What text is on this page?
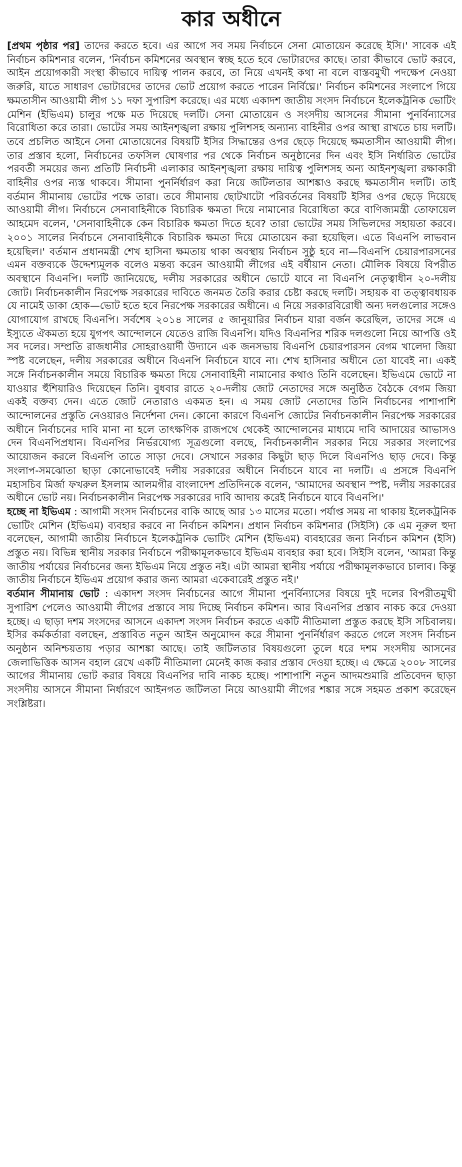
কার অধীনে

[প্রথম পৃষ্ঠার পর] তাদের করতে হবে। এর আগে সব সময় নির্বাচনে সেনা মোতায়েন করেছে ইসি।' সাবেক এই নির্বাচন কমিশনার বলেন, 'নির্বাচন কমিশনের অবস্থান স্বচ্ছ হতে হবে ভোটারদের কাছে। তারা কীভাবে ভোট করবে, আইন প্রয়োগকারী সংস্থা কীভাবে দায়িত্ব পালন করবে, তা নিয়ে এখনই কথা না বলে বাস্তবমুখী পদক্ষেপ নেওয়া জরুরি, যাতে সাধারণ ভোটারদের তাদের ভোট প্রয়োগ করতে পারেন নির্বিঘ্নে।' নির্বাচন কমিশনের সংলাপে গিয়ে ক্ষমতাসীন আওয়ামী লীগ ১১ দফা সুপারিশ করেছে। এর মধ্যে একাদশ জাতীয় সংসদ নির্বাচনে ইলেকট্রনিক ভোটিং মেশিন (ইভিএম) চালুর পক্ষে মত দিয়েছে দলটি। সেনা মোতায়েন ও সংসদীয় আসনের সীমানা পুনর্বিন্যাসের বিরোধিতা করে তারা। ভোটের সময় আইনশৃঙ্খলা রক্ষায় পুলিশসহ অন্যান্য বাহিনীর ওপর আস্থা রাখতে চায় দলটি। তবে প্রচলিত আইনে সেনা মোতায়েনের বিষয়টি ইসির সিদ্ধান্তের ওপর ছেড়ে দিয়েছে ক্ষমতাসীন আওয়ামী লীগ। তার প্রস্তাব হলো, নির্বাচনের তফসিল ঘোষণার পর থেকে নির্বাচন অনুষ্ঠানের দিন এবং ইসি নির্ধারিত ভোটের পরবর্তী সময়ের জন্য প্রতিটি নির্বাচনী এলাকার আইনশৃঙ্খলা রক্ষায় দায়িত্ব পুলিশসহ অন্য আইনশৃঙ্খলা রক্ষাকারী বাহিনীর ওপর ন্যস্ত থাকবে। সীমানা পুনর্নির্ধারণ করা নিয়ে জটিলতার আশঙ্কাও করছে ক্ষমতাসীন দলটি। তাই বর্তমান সীমানায় ভোটের পক্ষে তারা। তবে সীমানায় ছোটখাটো পরিবর্তনের বিষয়টি ইসির ওপর ছেড়ে দিয়েছে আওয়ামী লীগ। নির্বাচনে সেনাবাহিনীকে বিচারিক ক্ষমতা দিয়ে নামানোর বিরোধিতা করে বাণিজ্যমন্ত্রী তোফায়েল আহমেদ বলেন, 'সেনাবাহিনীকে কেন বিচারিক ক্ষমতা দিতে হবে? তারা ভোটের সময় সিভিলদের সহায়তা করবে। ২০০১ সালের নির্বাচনে সেনাবাহিনীকে বিচারিক ক্ষমতা দিয়ে মোতায়েন করা হয়েছিল। এতে বিএনপি লাভবান হয়েছিল।' বর্তমান প্রধানমন্ত্রী শেখ হাসিনা ক্ষমতায় থাকা অবস্থায় নির্বাচন সুষ্ঠু হবে না—বিএনপি চেয়ারপারসনের এমন বক্তব্যকে উদ্দেশ্যমূলক বলেও মন্তব্য করেন আওয়ামী লীগের এই বর্ষীয়ান নেতা। মৌলিক বিষয়ে বিপরীত অবস্থানে বিএনপি। দলটি জানিয়েছে, দলীয় সরকারের অধীনে ভোটে যাবে না বিএনপি নেতৃত্বাধীন ২০-দলীয় জোট। নির্বাচনকালীন নিরপেক্ষ সরকারের দাবিতে জনমত তৈরি করার চেষ্টা করছে দলটি। সহায়ক বা তত্ত্বাবধায়ক যে নামেই ডাকা হোক—ভোট হতে হবে নিরপেক্ষ সরকারের অধীনে। এ নিয়ে সরকারবিরোধী অন্য দলগুলোর সঙ্গেও যোগাযোগ রাখছে বিএনপি। সর্বশেষ ২০১৪ সালের ৫ জানুয়ারির নির্বাচন যারা বর্জন করেছিল, তাদের সঙ্গে এ ইস্যুতে ঐকমত্য হয়ে যুগপৎ আন্দোলনে যেতেও রাজি বিএনপি। যদিও বিএনপির শরিক দলগুলো নিয়ে আপত্তি ওই সব দলের। সম্প্রতি রাজধানীর সোহরাওয়ার্দী উদ্যানে এক জনসভায় বিএনপি চেয়ারপারসন বেগম খালেদা জিয়া স্পষ্ট বলেছেন, দলীয় সরকারের অধীনে বিএনপি নির্বাচনে যাবে না। শেখ হাসিনার অধীনে তো যাবেই না। একই সঙ্গে নির্বাচনকালীন সময়ে বিচারিক ক্ষমতা দিয়ে সেনাবাহিনী নামানোর কথাও তিনি বলেছেন। ইভিএমে ভোটে না যাওয়ার হুঁশিয়ারিও দিয়েছেন তিনি। বুধবার রাতে ২০-দলীয় জোট নেতাদের সঙ্গে অনুষ্ঠিত বৈঠকে বেগম জিয়া একই বক্তব্য দেন। এতে জোট নেতারাও একমত হন। এ সময় জোট নেতাদের তিনি নির্বাচনের পাশাপাশি আন্দোলনের প্রস্তুতি নেওয়ারও নির্দেশনা দেন। কোনো কারণে বিএনপি জোটের নির্বাচনকালীন নিরপেক্ষ সরকারের অধীনে নির্বাচনের দাবি মানা না হলে তাৎক্ষণিক রাজপথে থেকেই আন্দোলনের মাধ্যমে দাবি আদায়ের আভাসও দেন বিএনপিপ্রধান। বিএনপির নির্ভরযোগ্য সূত্রগুলো বলছে, নির্বাচনকালীন সরকার নিয়ে সরকার সংলাপের আয়োজন করলে বিএনপি তাতে সাড়া দেবে। সেখানে সরকার কিছুটা ছাড় দিলে বিএনপিও ছাড় দেবে। কিন্তু সংলাপ-সমঝোতা ছাড়া কোনোভাবেই দলীয় সরকারের অধীনে নির্বাচনে যাবে না দলটি। এ প্রসঙ্গে বিএনপি মহাসচিব মির্জা ফখরুল ইসলাম আলমগীর বাংলাদেশ প্রতিদিনকে বলেন, 'আমাদের অবস্থান স্পষ্ট, দলীয় সরকারের অধীনে ভোট নয়। নির্বাচনকালীন নিরপেক্ষ সরকারের দাবি আদায় করেই নির্বাচনে যাবে বিএনপি।'

হচ্ছে না ইভিএম : আগামী সংসদ নির্বাচনের বাকি আছে আর ১৩ মাসের মতো। পর্যাপ্ত সময় না থাকায় ইলেকট্রনিক ভোটিং মেশিন (ইভিএম) ব্যবহার করবে না নির্বাচন কমিশন। প্রধান নির্বাচন কমিশনার (সিইসি) কে এম নূরুল হুদা বলেছেন, আগামী জাতীয় নির্বাচনে ইলেকট্রনিক ভোটিং মেশিন (ইভিএম) ব্যবহারের জন্য নির্বাচন কমিশন (ইসি) প্রস্তুত নয়। বিভিন্ন স্থানীয় সরকার নির্বাচনে পরীক্ষামূলকভাবে ইভিএম ব্যবহার করা হবে। সিইসি বলেন, 'আমরা কিন্তু জাতীয় পর্যায়ের নির্বাচনের জন্য ইভিএম নিয়ে প্রস্তুত নই। এটা আমরা স্থানীয় পর্যায়ে পরীক্ষামূলকভাবে চালাব। কিন্তু জাতীয় নির্বাচনে ইভিএম প্রয়োগ করার জন্য আমরা একেবারেই প্রস্তুত নই।'

বর্তমান সীমানায় ভোট : একাদশ সংসদ নির্বাচনের আগে সীমানা পুনর্বিন্যাসের বিষয়ে দুই দলের বিপরীতমুখী সুপারিশ পেলেও আওয়ামী লীগের প্রস্তাবে সায় দিচ্ছে নির্বাচন কমিশন। আর বিএনপির প্রস্তাব নাকচ করে দেওয়া হচ্ছে। এ ছাড়া দশম সংসদের আসনে একাদশ সংসদ নির্বাচন করতে একটি নীতিমালা প্রস্তুত করছে ইসি সচিবালয়। ইসির কর্মকর্তারা বলছেন, প্রস্তাবিত নতুন আইন অনুমোদন করে সীমানা পুনর্নির্ধারণ করতে গেলে সংসদ নির্বাচন অনুষ্ঠান অনিশ্চয়তায় পড়ার আশঙ্কা আছে। তাই জটিলতার বিষয়গুলো তুলে ধরে দশম সংসদীয় আসনের জেলাভিত্তিক আসন বহাল রেখে একটি নীতিমালা মেনেই কাজ করার প্রস্তাব দেওয়া হচ্ছে। এ ক্ষেত্রে ২০০৮ সালের আগের সীমানায় ভোট করার বিষয়ে বিএনপির দাবি নাকচ হচ্ছে। পাশাপাশি নতুন আদমশুমারি প্রতিবেদন ছাড়া সংসদীয় আসনে সীমানা নির্ধারণে আইনগত জটিলতা নিয়ে আওয়ামী লীগের শঙ্কার সঙ্গে সহমত প্রকাশ করেছেন সংশ্লিষ্টরা।
